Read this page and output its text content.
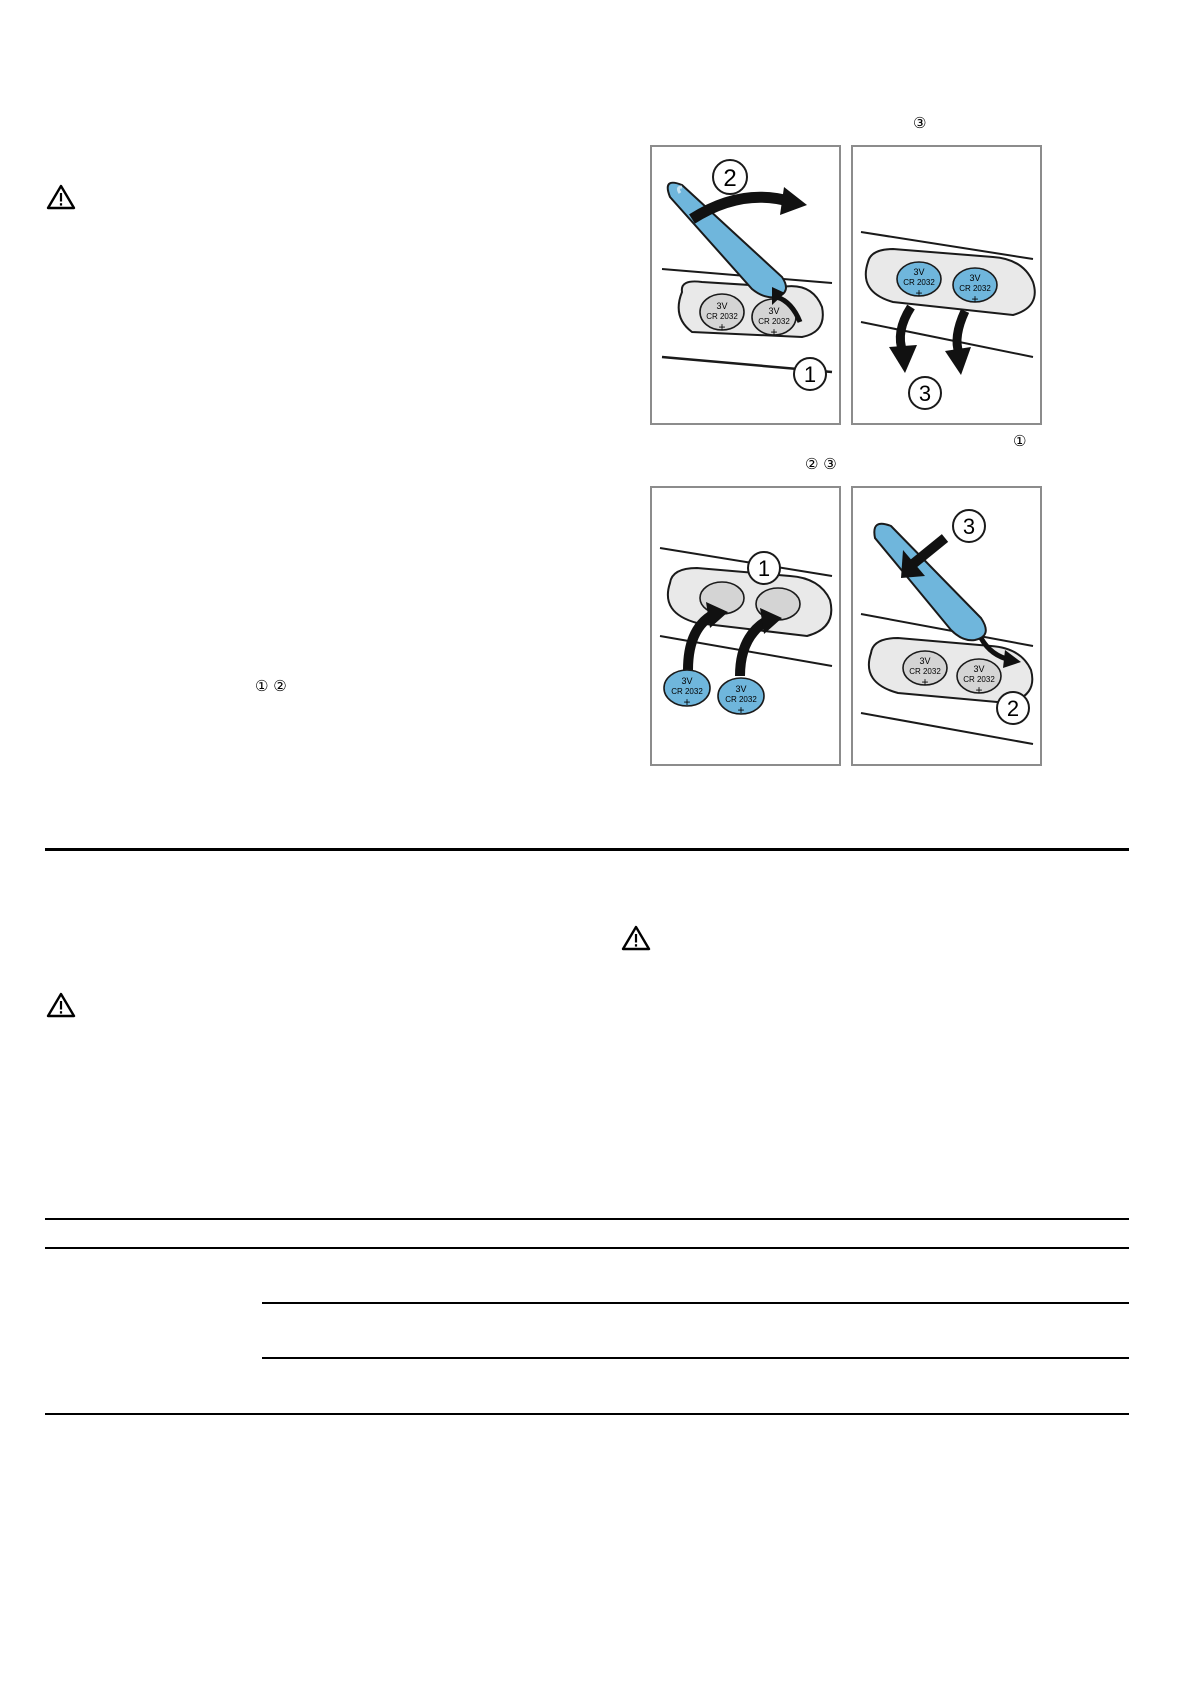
③
①
② ③
① ②
3V
CR 2032
+
3V
CR 2032
+
2
1
3V
CR 2032
+
3V
CR 2032
+
3
1
3V
CR 2032
+
3V
CR 2032
+
3V
CR 2032
+
3V
CR 2032
+
3
2
